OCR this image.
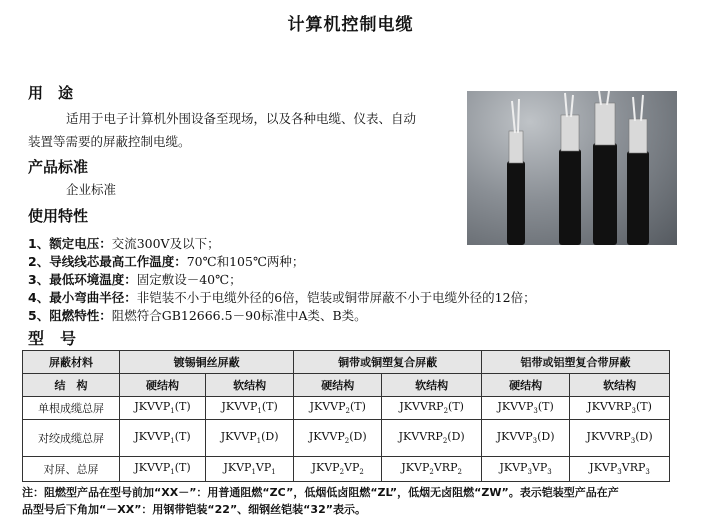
计算机控制电缆
用　途
适用于电子计算机外围设备至现场，以及各种电缆、仪表、自动
装置等需要的屏蔽控制电缆。
产品标准
企业标准
使用特性
1、额定电压：交流300V及以下；
2、导线线芯最高工作温度：70℃和105℃两种；
3、最低环境温度：固定敷设－40℃；
4、最小弯曲半径：非铠装不小于电缆外径的6倍，铠装或铜带屏蔽不小于电缆外径的12倍；
5、阻燃特性：阻燃符合GB12666.5－90标准中A类、B类。
型　号
屏蔽材料	镀锡铜丝屏蔽		铜带或铜塑复合屏蔽		铝带或铝塑复合带屏蔽	
结　构	硬结构	软结构	硬结构	软结构	硬结构	软结构
单根成缆总屏	$JKVVP_1(T)$	$JKVVP_1(T)$	$JKVVP_2(T)$	$JKVVRP_2(T)$	$JKVVP_3(T)$	$JKVVRP_3(T)$
对绞成缆总屏	$JKVVP_1(T)$	$JKVVP_1(D)$	$JKVVP_2(D)$	$JKVVRP_2(D)$	$JKVVP_3(D)$	$JKVVRP_3(D)$
对屏、总屏	$JKVVP_1(T)$	$JKVP_1VP_1$	$JKVP_2VP_2$	$JKVP_2VRP_2$	$JKVP_3VP_3$	$JKVP_3VRP_3$
注：阻燃型产品在型号前加“XX－”：用普通阻燃“ZC”，低烟低卤阻燃“ZL”，低烟无卤阻燃“ZW”。表示铠装型产品在产
品型号后下角加“－XX”：用钢带铠装“22”、细钢丝铠装“32”表示。
